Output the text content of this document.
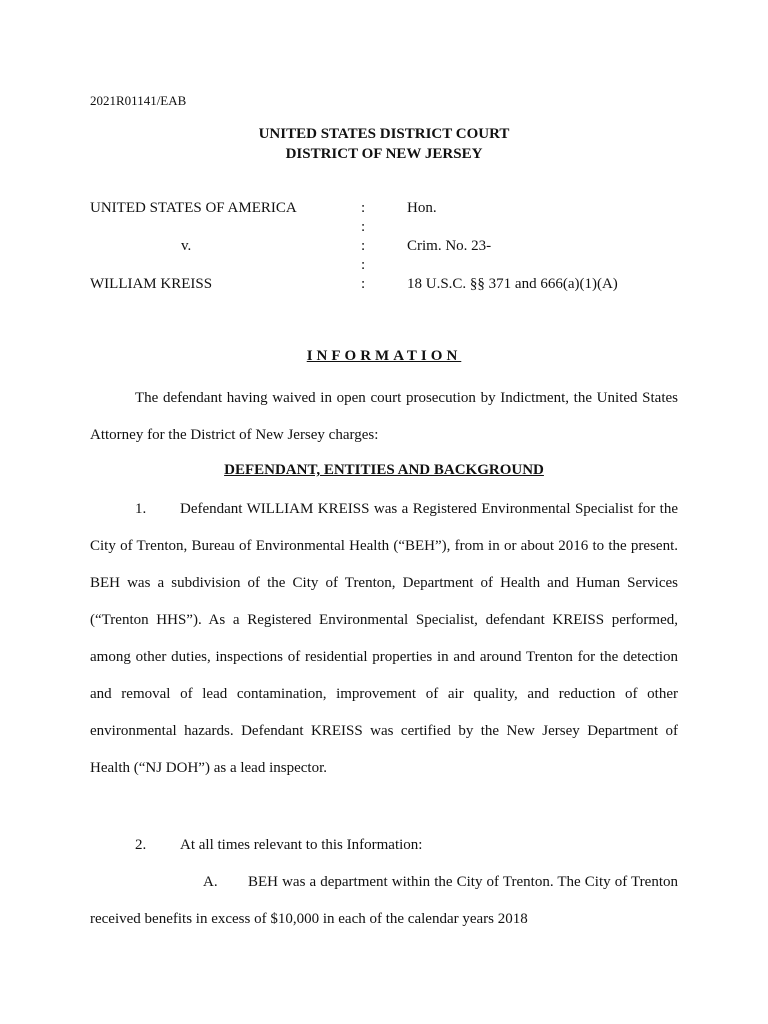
2021R01141/EAB
UNITED STATES DISTRICT COURT
DISTRICT OF NEW JERSEY
UNITED STATES OF AMERICA	:	Hon.
:
v.	:	Crim. No. 23-
:
WILLIAM KREISS	:	18 U.S.C. §§ 371 and 666(a)(1)(A)
INFORMATION
The defendant having waived in open court prosecution by Indictment, the United States Attorney for the District of New Jersey charges:
DEFENDANT, ENTITIES AND BACKGROUND
1. Defendant WILLIAM KREISS was a Registered Environmental Specialist for the City of Trenton, Bureau of Environmental Health (“BEH”), from in or about 2016 to the present. BEH was a subdivision of the City of Trenton, Department of Health and Human Services (“Trenton HHS”). As a Registered Environmental Specialist, defendant KREISS performed, among other duties, inspections of residential properties in and around Trenton for the detection and removal of lead contamination, improvement of air quality, and reduction of other environmental hazards. Defendant KREISS was certified by the New Jersey Department of Health (“NJ DOH”) as a lead inspector.
2. At all times relevant to this Information:
A. BEH was a department within the City of Trenton. The City of Trenton received benefits in excess of $10,000 in each of the calendar years 2018
